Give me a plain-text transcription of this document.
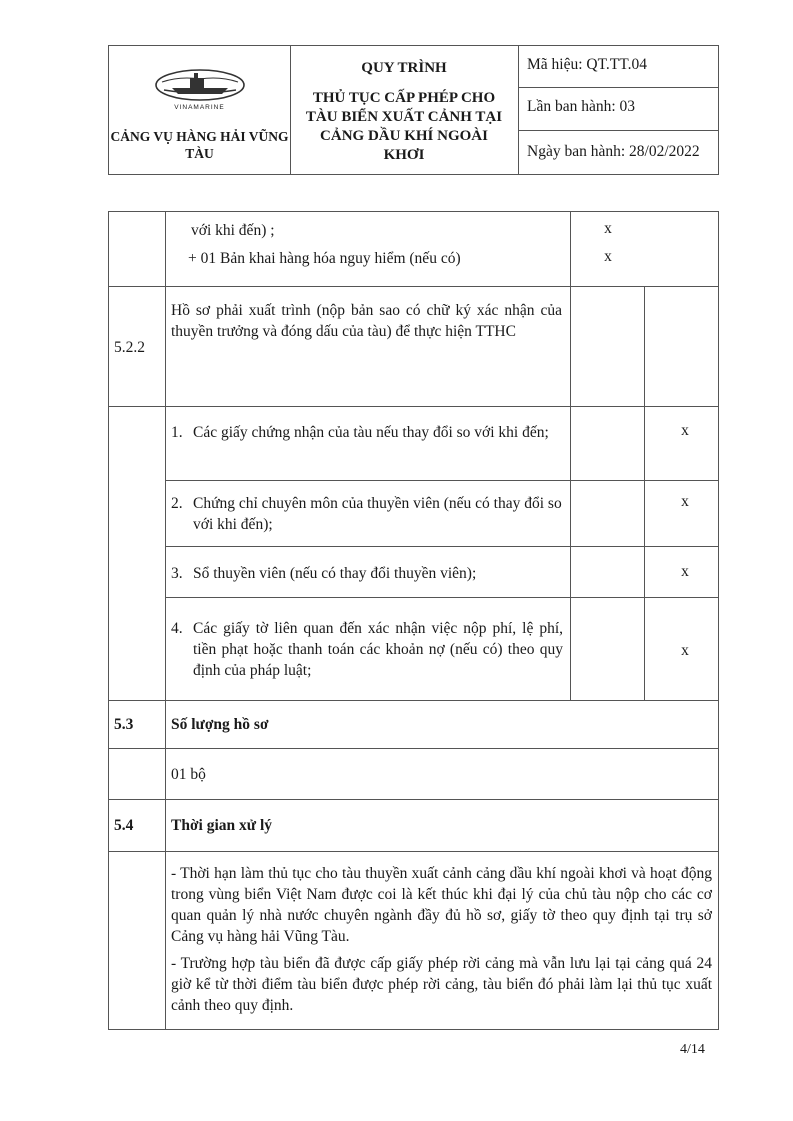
VINAMARINE
CẢNG VỤ HÀNG HẢI VŨNG TÀU
QUY TRÌNH
THỦ TỤC CẤP PHÉP CHO TÀU BIỂN XUẤT CẢNH TẠI CẢNG DẦU KHÍ NGOÀI KHƠI
Mã hiệu: QT.TT.04
Lần ban hành: 03
Ngày ban hành: 28/02/2022
với khi đến) ;
+ 01 Bản khai hàng hóa nguy hiểm (nếu có)
x
x
5.2.2
Hồ sơ phải xuất trình (nộp bản sao có chữ ký xác nhận của thuyền trưởng và đóng dấu của tàu) để thực hiện TTHC
1. Các giấy chứng nhận của tàu nếu thay đổi so với khi đến;	x
2. Chứng chỉ chuyên môn của thuyền viên (nếu có thay đổi so với khi đến);
x
3. Sổ thuyền viên (nếu có thay đổi thuyền viên);	x
4. Các giấy tờ liên quan đến xác nhận việc nộp phí, lệ phí, tiền phạt hoặc thanh toán các khoản nợ (nếu có) theo quy định của pháp luật;
x
5.3 Số lượng hồ sơ
01 bộ
5.4 Thời gian xử lý
- Thời hạn làm thủ tục cho tàu thuyền xuất cảnh cảng dầu khí ngoài khơi và hoạt động trong vùng biển Việt Nam được coi là kết thúc khi đại lý của chủ tàu nộp cho các cơ quan quản lý nhà nước chuyên ngành đầy đủ hồ sơ, giấy tờ theo quy định tại trụ sở Cảng vụ hàng hải Vũng Tàu.
- Trường hợp tàu biển đã được cấp giấy phép rời cảng mà vẫn lưu lại tại cảng quá 24 giờ kể từ thời điểm tàu biển được phép rời cảng, tàu biển đó phải làm lại thủ tục xuất cảnh theo quy định.
4/14
